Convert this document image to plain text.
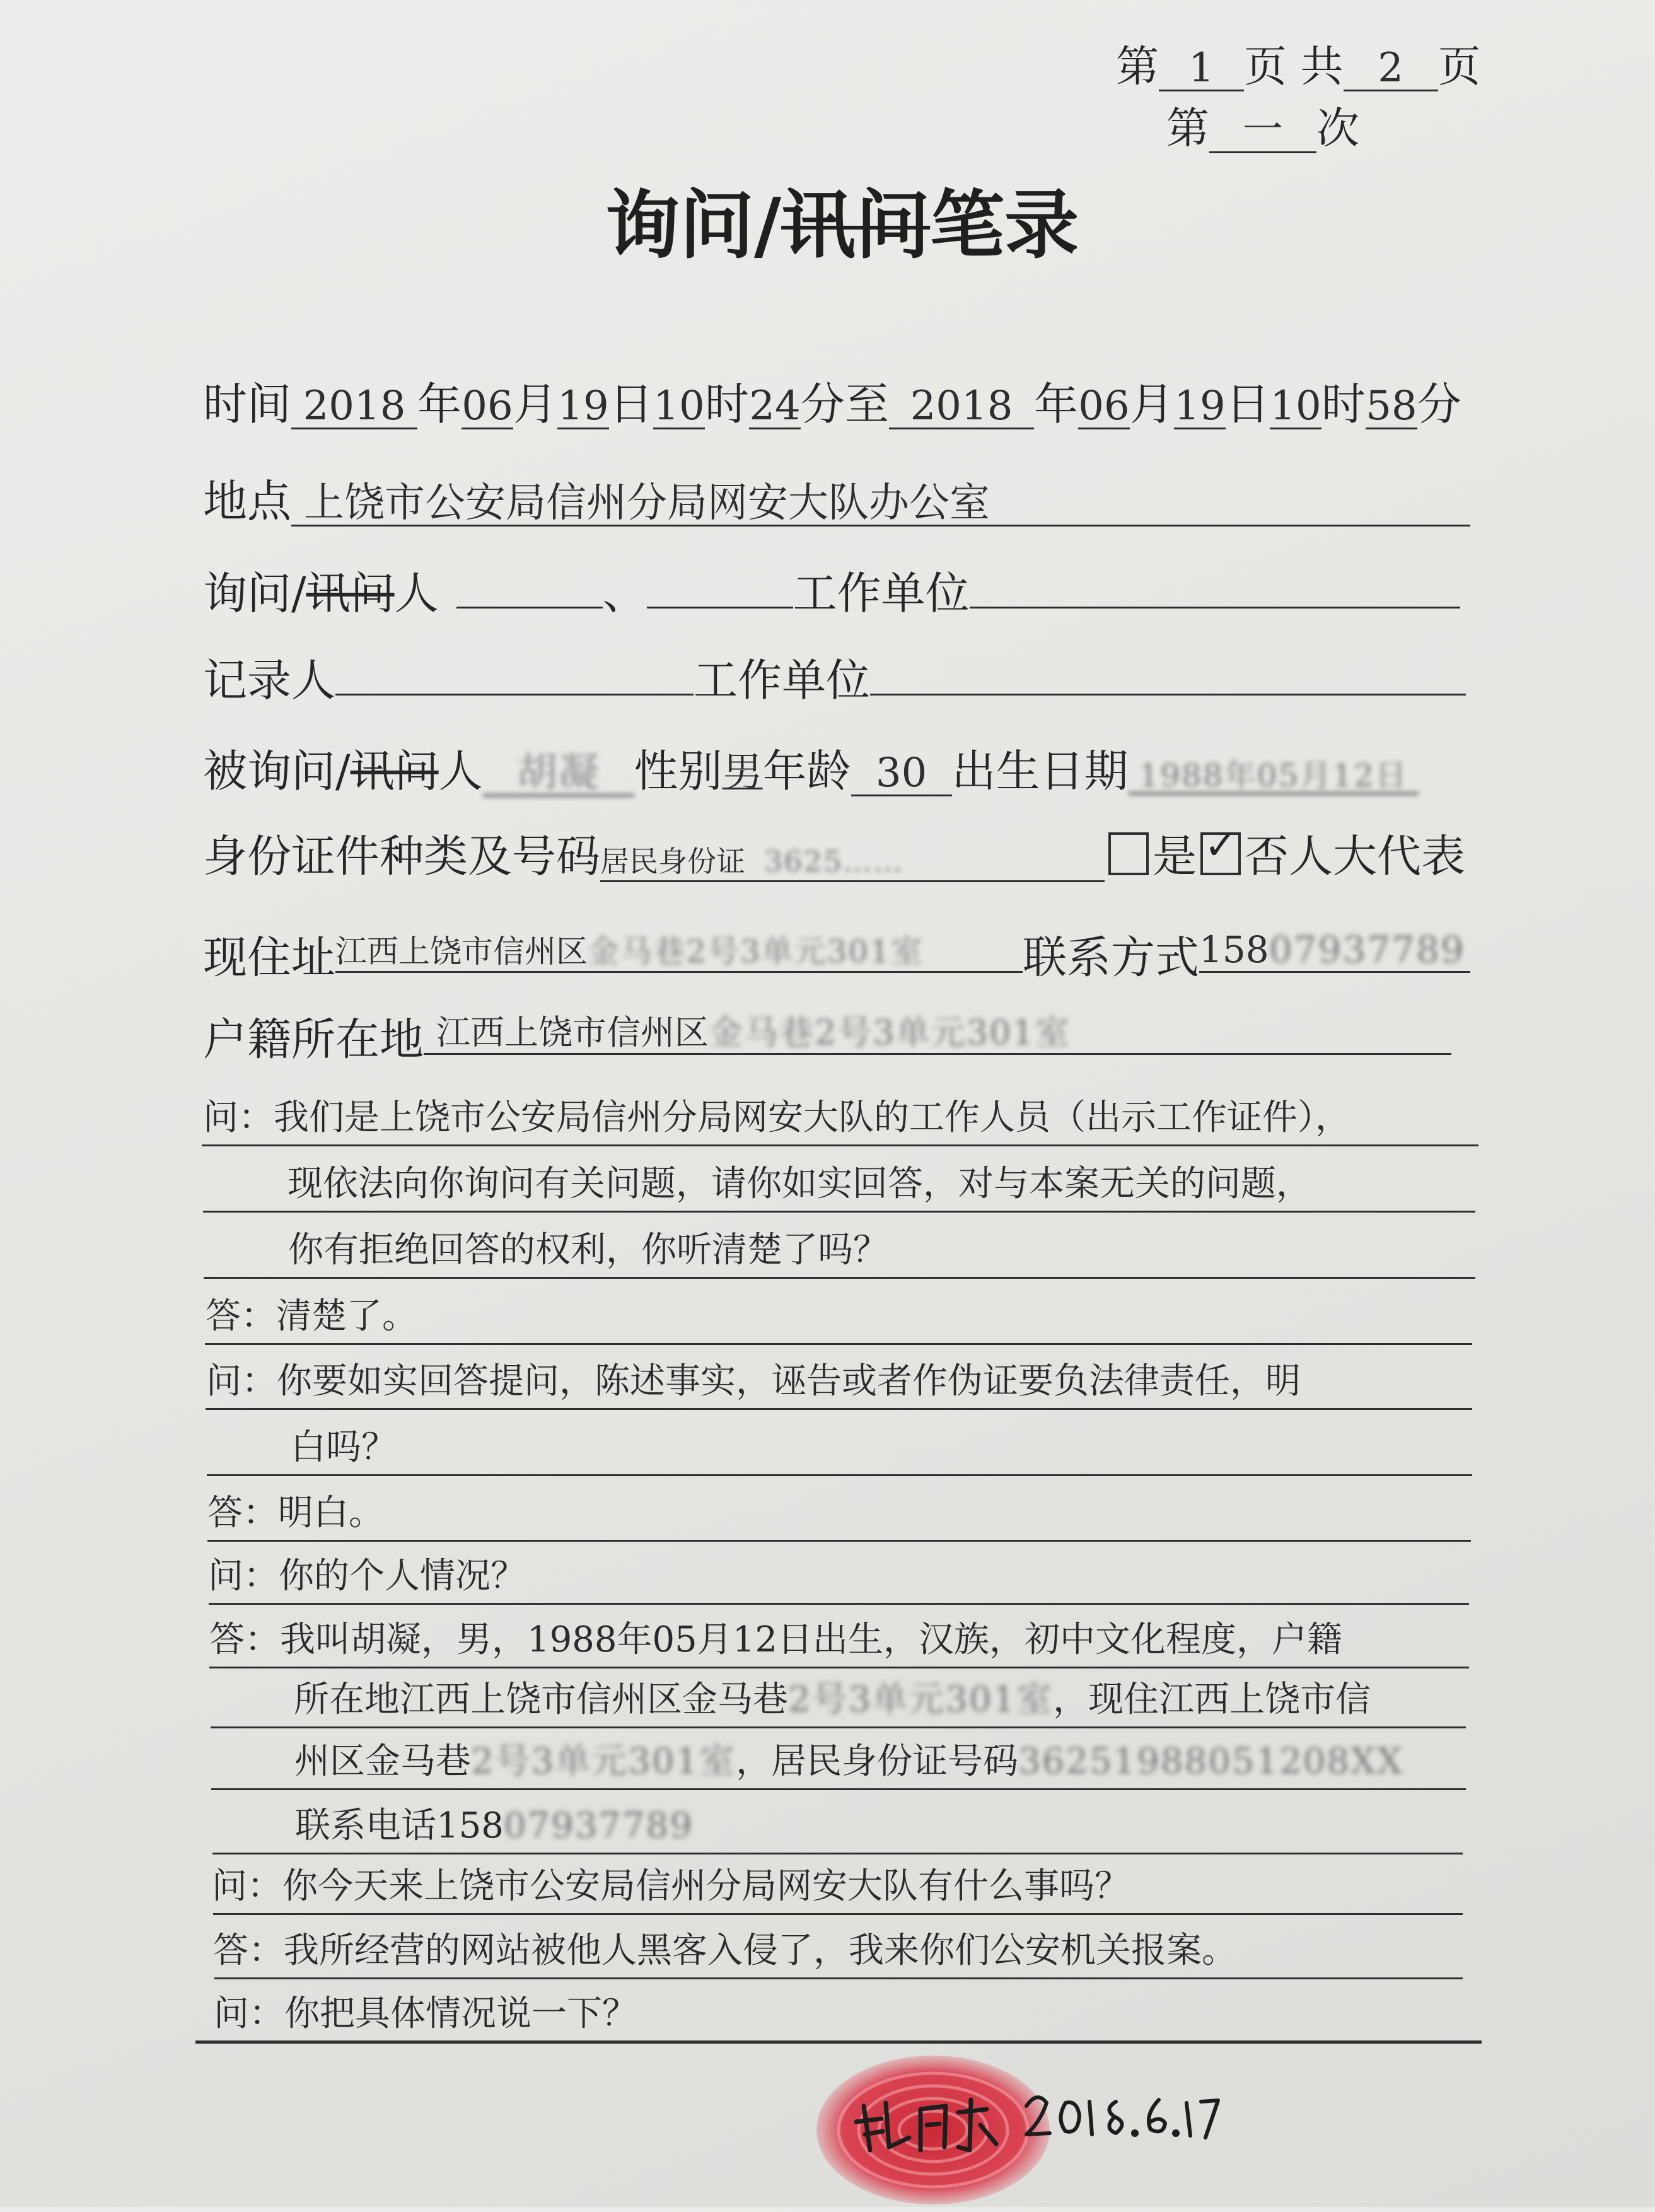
第 1 页 共 2 页
第 一 次
询问/讯问笔录
时间 2018 年06月19日10时24分至 2018 年06月19日10时58分
地点 上饶市公安局信州分局网安大队办公室
询问/讯问人	、	工作单位
记录人	工作单位
被询问/讯问人 胡凝 性别男年龄 30 出生日期 1988年05月12日
身份证件种类及号码居民身份证 3625……	是 ✓ 否人大代表
现住址江西上饶市信州区金马巷2号3单元301室 联系方式15807937789
户籍所在地 江西上饶市信州区金马巷2号3单元301室
问：我们是上饶市公安局信州分局网安大队的工作人员（出示工作证件），
现依法向你询问有关问题，请你如实回答，对与本案无关的问题，
你有拒绝回答的权利，你听清楚了吗？
答：清楚了。
问：你要如实回答提问，陈述事实，诬告或者作伪证要负法律责任，明
白吗？
答：明白。
问：你的个人情况？
答：我叫胡凝，男，1988年05月12日出生，汉族，初中文化程度，户籍
所在地江西上饶市信州区金马巷2号3单元301室，现住江西上饶市信
州区金马巷2号3单元301室，居民身份证号码36251988051208XX
联系电话15807937789
问：你今天来上饶市公安局信州分局网安大队有什么事吗？
答：我所经营的网站被他人黑客入侵了，我来你们公安机关报案。
问：你把具体情况说一下？
